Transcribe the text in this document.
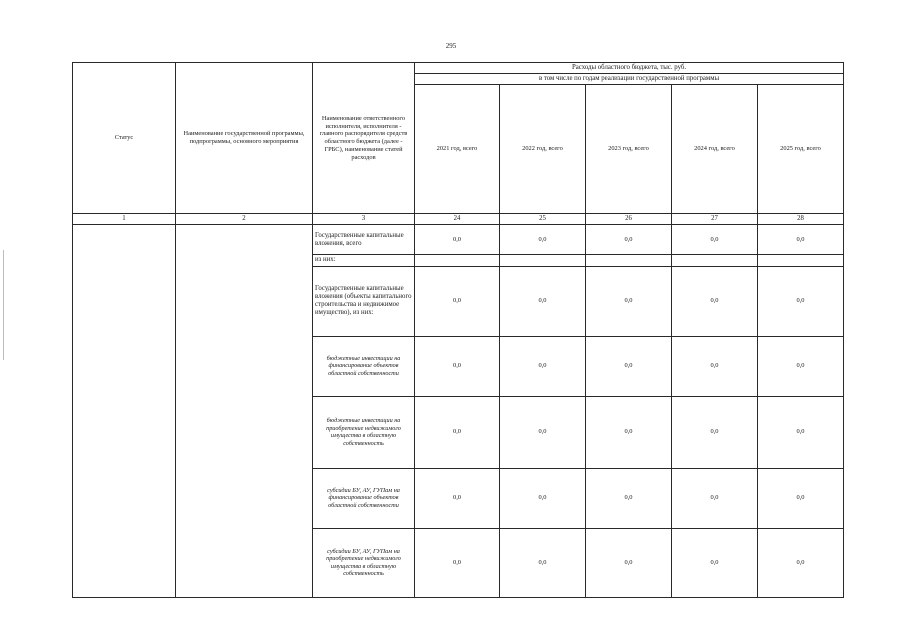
295
Статус	Наименование государственной программы, подпрограммы, основного мероприятия	Наименование ответственного исполнителя, исполнителя - главного распорядителя средств областного бюджета (далее - ГРБС), наименование статей расходов	Расходы областного бюджета, тыс. руб.				
			в том числе по годам реализации государственной программы				
			2021 год, всего	2022 год, всего	2023 год, всего	2024 год, всего	2025 год, всего
1	2	3	24	25	26	27	28
		Государственные капитальные вложения, всего	0,0	0,0	0,0	0,0	0,0
		из них:					
		Государственные капитальные вложения (объекты капитального строительства и недвижимое имущество), из них:	0,0	0,0	0,0	0,0	0,0
		бюджетные инвестиции на финансирование объектов областной собственности	0,0	0,0	0,0	0,0	0,0
		бюджетные инвестиции на приобретение недвижимого имущества в областную собственность	0,0	0,0	0,0	0,0	0,0
		субсидии БУ, АУ, ГУПам на финансирование объектов областной собственности	0,0	0,0	0,0	0,0	0,0
		субсидии БУ, АУ, ГУПам на приобретение недвижимого имущества в областную собственность	0,0	0,0	0,0	0,0	0,0
